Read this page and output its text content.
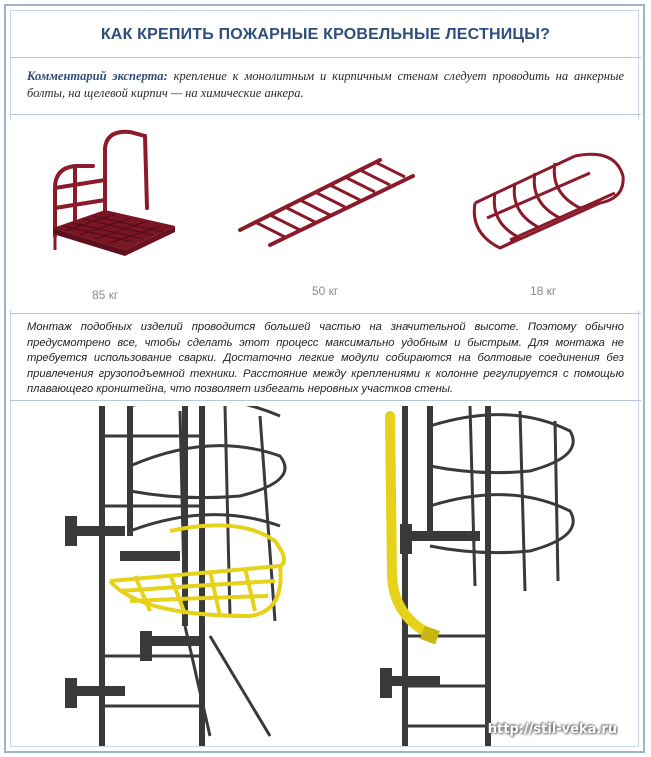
КАК КРЕПИТЬ ПОЖАРНЫЕ КРОВЕЛЬНЫЕ ЛЕСТНИЦЫ?
Комментарий эксперта: крепление к монолитным и кирпичным стенам следует проводить на анкерные болты, на щелевой кирпич — на химические анкера.
85 кг	50 кг	18 кг
Монтаж подобных изделий проводится большей частью на значительной высоте. Поэтому обычно предусмотрено все, чтобы сделать этот процесс максимально удобным и быстрым. Для монтажа не требуется использование сварки. Достаточно легкие модули собираются на болтовые соединения без привлечения грузоподъемной техники. Расстояние между креплениями к колонне регулируется с помощью плавающего кронштейна, что позволяет избегать неровных участков стены.
http://stil-veka.ru
